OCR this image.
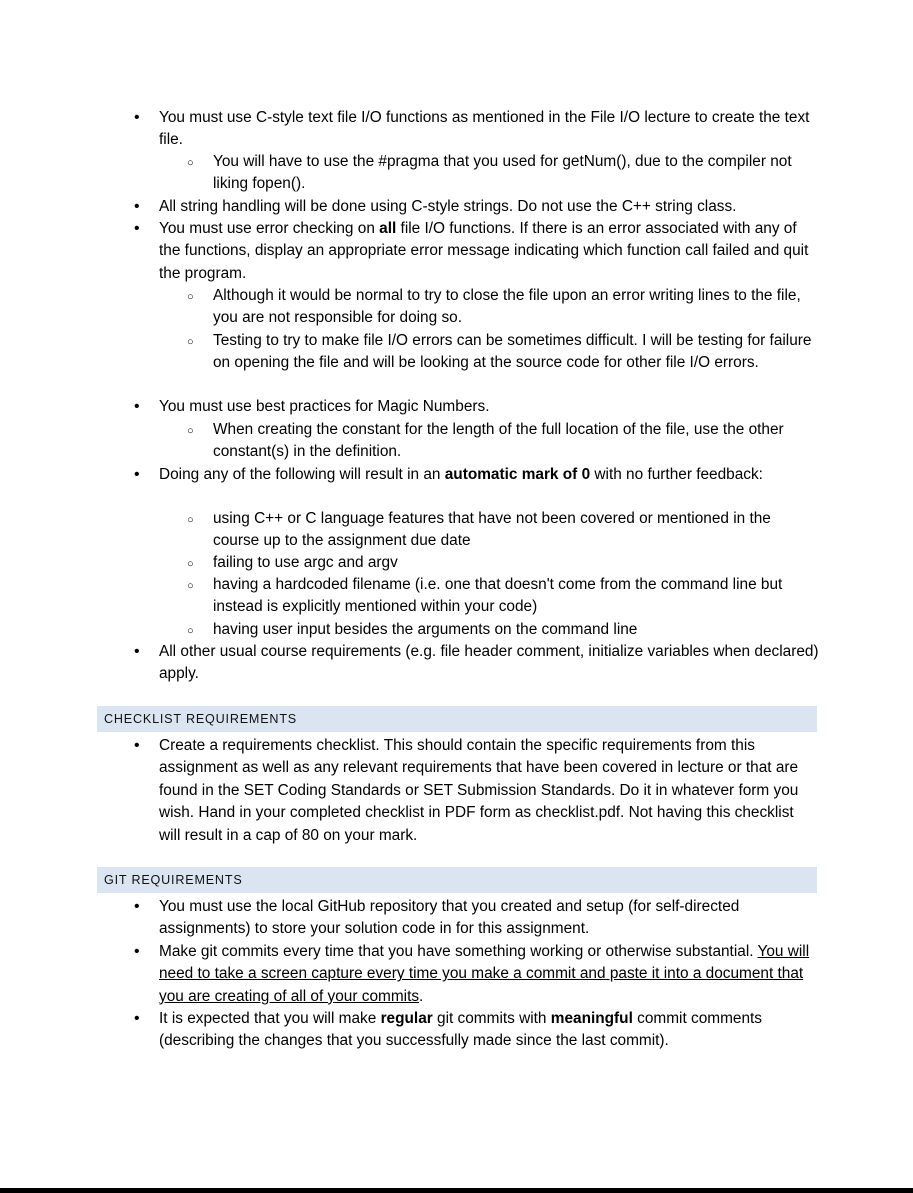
• You must use C-style text file I/O functions as mentioned in the File I/O lecture to create the text file.
○ You will have to use the #pragma that you used for getNum(), due to the compiler not liking fopen().
• All string handling will be done using C-style strings. Do not use the C++ string class.
• You must use error checking on all file I/O functions. If there is an error associated with any of the functions, display an appropriate error message indicating which function call failed and quit the program.
○ Although it would be normal to try to close the file upon an error writing lines to the file, you are not responsible for doing so.
○ Testing to try to make file I/O errors can be sometimes difficult. I will be testing for failure on opening the file and will be looking at the source code for other file I/O errors.
• You must use best practices for Magic Numbers.
○ When creating the constant for the length of the full location of the file, use the other constant(s) in the definition.
• Doing any of the following will result in an automatic mark of 0 with no further feedback:
○ using C++ or C language features that have not been covered or mentioned in the course up to the assignment due date
○ failing to use argc and argv
○ having a hardcoded filename (i.e. one that doesn't come from the command line but instead is explicitly mentioned within your code)
○ having user input besides the arguments on the command line
• All other usual course requirements (e.g. file header comment, initialize variables when declared) apply.
CHECKLIST REQUIREMENTS
• Create a requirements checklist. This should contain the specific requirements from this assignment as well as any relevant requirements that have been covered in lecture or that are found in the SET Coding Standards or SET Submission Standards. Do it in whatever form you wish. Hand in your completed checklist in PDF form as checklist.pdf. Not having this checklist will result in a cap of 80 on your mark.
GIT REQUIREMENTS
• You must use the local GitHub repository that you created and setup (for self-directed assignments) to store your solution code in for this assignment.
• Make git commits every time that you have something working or otherwise substantial. You will need to take a screen capture every time you make a commit and paste it into a document that you are creating of all of your commits.
• It is expected that you will make regular git commits with meaningful commit comments (describing the changes that you successfully made since the last commit).
